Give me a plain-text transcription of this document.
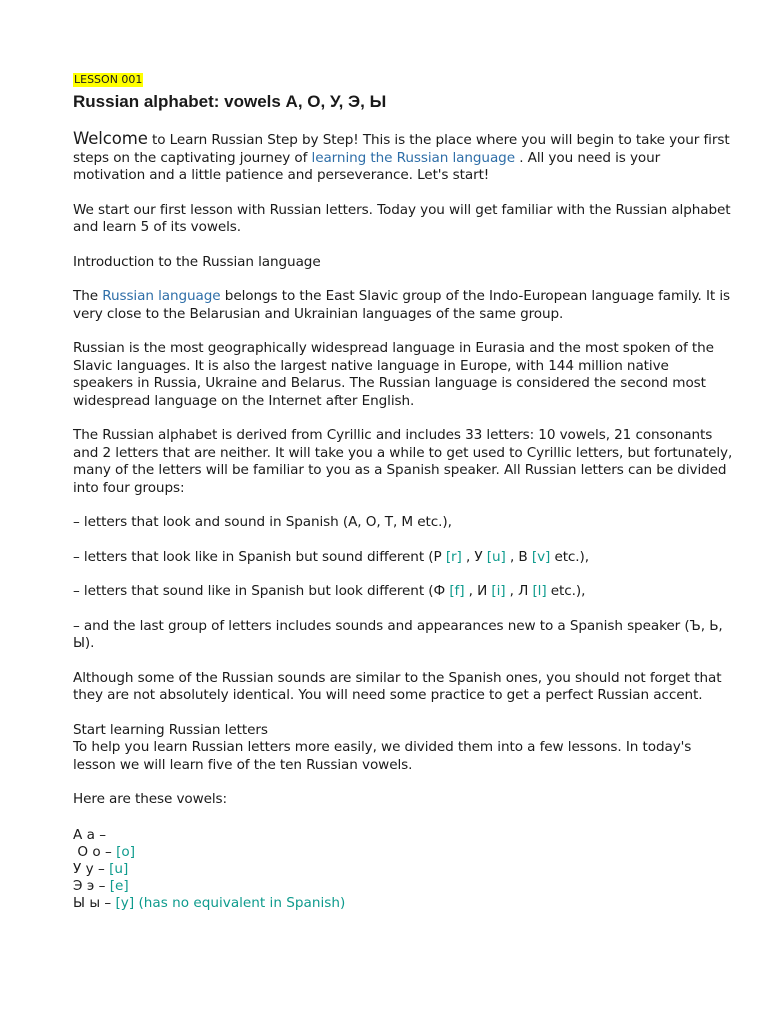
LESSON 001
Russian alphabet: vowels А, О, У, Э, Ы

Welcome to Learn Russian Step by Step! This is the place where you will begin to take your first steps on the captivating journey of learning the Russian language . All you need is your motivation and a little patience and perseverance. Let's start!

We start our first lesson with Russian letters. Today you will get familiar with the Russian alphabet and learn 5 of its vowels.

Introduction to the Russian language

The Russian language belongs to the East Slavic group of the Indo-European language family. It is very close to the Belarusian and Ukrainian languages of the same group.

Russian is the most geographically widespread language in Eurasia and the most spoken of the Slavic languages. It is also the largest native language in Europe, with 144 million native speakers in Russia, Ukraine and Belarus. The Russian language is considered the second most widespread language on the Internet after English.

The Russian alphabet is derived from Cyrillic and includes 33 letters: 10 vowels, 21 consonants and 2 letters that are neither. It will take you a while to get used to Cyrillic letters, but fortunately, many of the letters will be familiar to you as a Spanish speaker. All Russian letters can be divided into four groups:

– letters that look and sound in Spanish (А, О, Т, М etc.),

– letters that look like in Spanish but sound different (Р [r] , У [u] , В [v] etc.),

– letters that sound like in Spanish but look different (Ф [f] , И [i] , Л [l] etc.),

– and the last group of letters includes sounds and appearances new to a Spanish speaker (Ъ, Ь, Ы).

Although some of the Russian sounds are similar to the Spanish ones, you should not forget that they are not absolutely identical. You will need some practice to get a perfect Russian accent.

Start learning Russian letters

To help you learn Russian letters more easily, we divided them into a few lessons. In today's lesson we will learn five of the ten Russian vowels.

Here are these vowels:

А а –

О о – [o]

У у – [u]

Э э – [e]

Ы ы – [y] (has no equivalent in Spanish)
